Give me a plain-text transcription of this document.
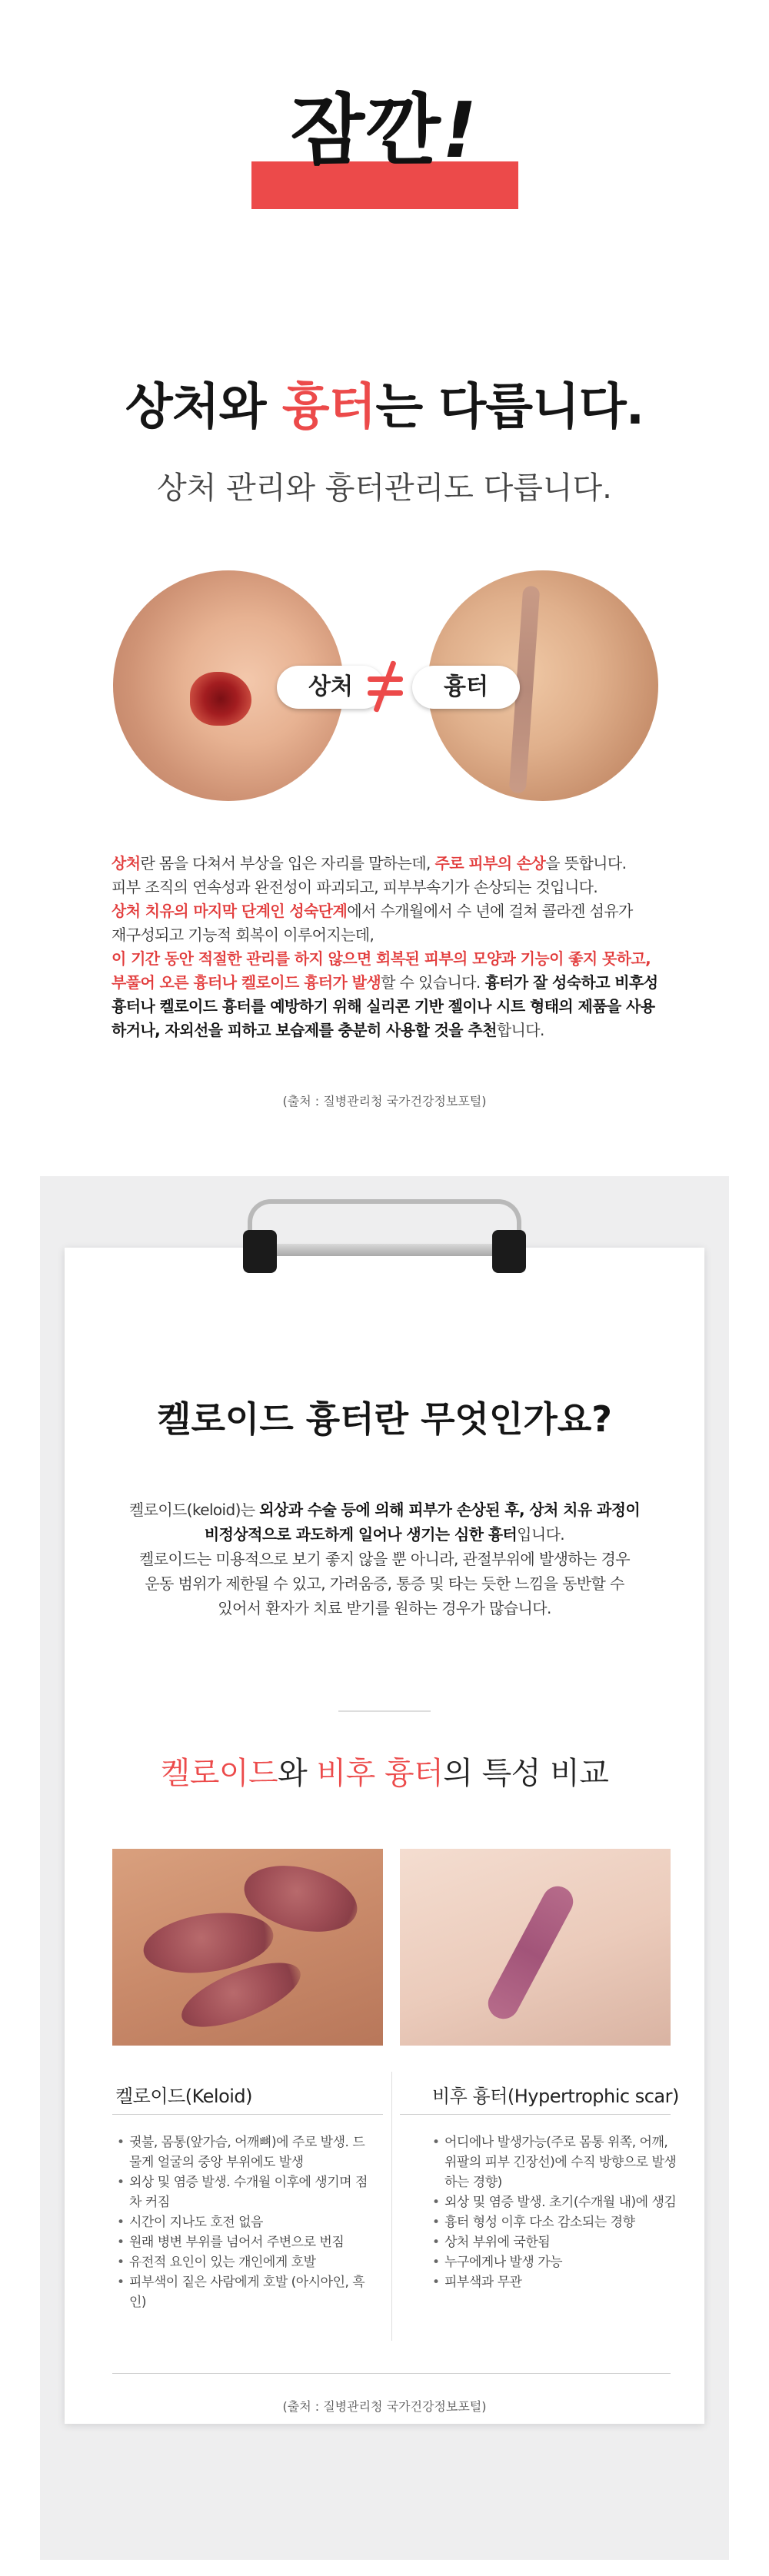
잠깐!
상처와 흉터는 다릅니다.
상처 관리와 흉터관리도 다릅니다.
상처	흉터

상처란 몸을 다쳐서 부상을 입은 자리를 말하는데, 주로 피부의 손상을 뜻합니다.

피부 조직의 연속성과 완전성이 파괴되고, 피부부속기가 손상되는 것입니다.

상처 치유의 마지막 단계인 성숙단계에서 수개월에서 수 년에 걸쳐 콜라겐 섬유가

재구성되고 기능적 회복이 이루어지는데,

이 기간 동안 적절한 관리를 하지 않으면 회복된 피부의 모양과 기능이 좋지 못하고,

부풀어 오른 흉터나 켈로이드 흉터가 발생할 수 있습니다. 흉터가 잘 성숙하고 비후성

흉터나 켈로이드 흉터를 예방하기 위해 실리콘 기반 젤이나 시트 형태의 제품을 사용

하거나, 자외선을 피하고 보습제를 충분히 사용할 것을 추천합니다.

(출처 : 질병관리청 국가건강정보포털)
켈로이드 흉터란 무엇인가요?

켈로이드(keloid)는 외상과 수술 등에 의해 피부가 손상된 후, 상처 치유 과정이

비정상적으로 과도하게 일어나 생기는 심한 흉터입니다.

켈로이드는 미용적으로 보기 좋지 않을 뿐 아니라, 관절부위에 발생하는 경우

운동 범위가 제한될 수 있고, 가려움증, 통증 및 타는 듯한 느낌을 동반할 수

있어서 환자가 치료 받기를 원하는 경우가 많습니다.

켈로이드와 비후 흉터의 특성 비교
켈로이드(Keloid)	비후 흉터(Hypertrophic scar)
• 귓불, 몸통(앞가슴, 어깨뼈)에 주로 발생. 드물게 얼굴의 중앙 부위에도 발생
• 외상 및 염증 발생. 수개월 이후에 생기며 점차 커짐
• 시간이 지나도 호전 없음
• 원래 병변 부위를 넘어서 주변으로 번짐
• 유전적 요인이 있는 개인에게 호발
• 피부색이 짙은 사람에게 호발 (아시아인, 흑인)
• 어디에나 발생가능(주로 몸통 위쪽, 어깨, 위팔의 피부 긴장선)에 수직 방향으로 발생하는 경향)
• 외상 및 염증 발생. 초기(수개월 내)에 생김
• 흉터 형성 이후 다소 감소되는 경향
• 상처 부위에 국한됨
• 누구에게나 발생 가능
• 피부색과 무관
(출처 : 질병관리청 국가건강정보포털)
